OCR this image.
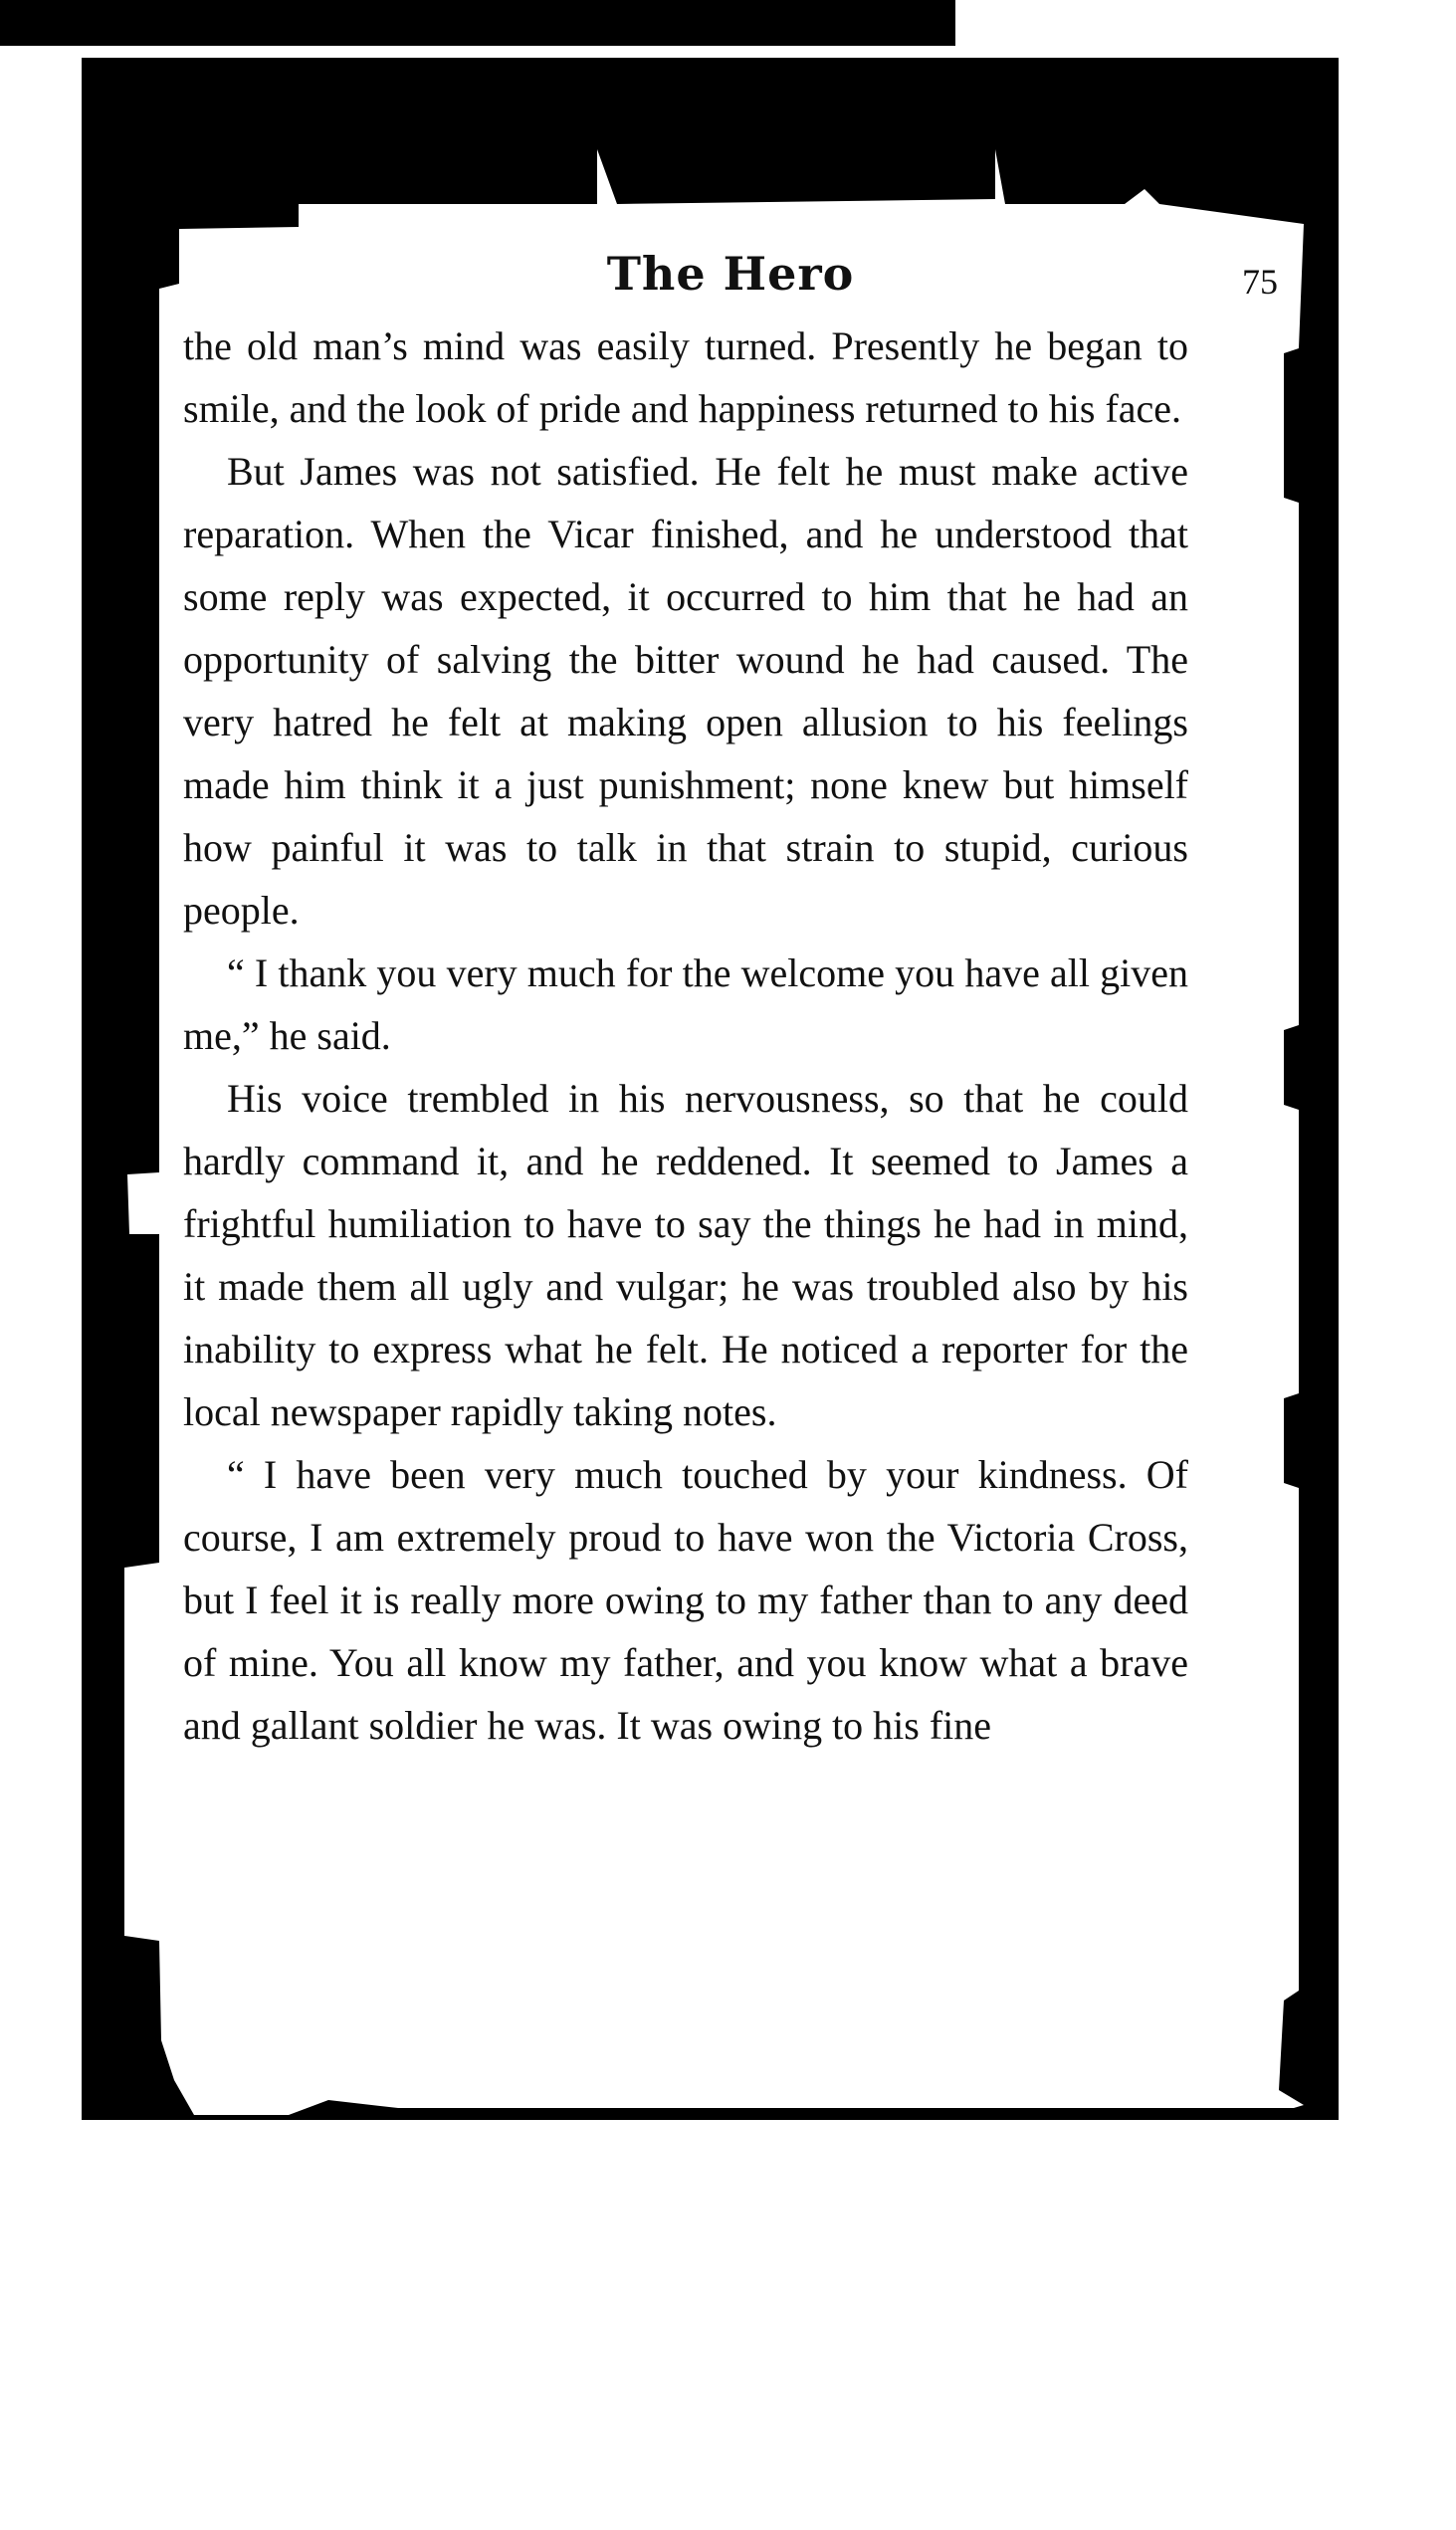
The Hero	75

the old man’s mind was easily turned. Presently he began to smile, and the look of pride and happiness returned to his face.

But James was not satisfied. He felt he must make active reparation. When the Vicar finished, and he understood that some reply was expected, it occurred to him that he had an opportunity of salving the bitter wound he had caused. The very hatred he felt at making open allusion to his feelings made him think it a just punishment; none knew but himself how painful it was to talk in that strain to stupid, curious people.

“ I thank you very much for the welcome you have all given me,” he said.

His voice trembled in his nervousness, so that he could hardly command it, and he reddened. It seemed to James a frightful humiliation to have to say the things he had in mind, it made them all ugly and vulgar; he was troubled also by his inability to express what he felt. He noticed a reporter for the local newspaper rapidly taking notes.

“ I have been very much touched by your kindness. Of course, I am extremely proud to have won the Victoria Cross, but I feel it is really more owing to my father than to any deed of mine. You all know my father, and you know what a brave and gallant soldier he was. It was owing to his fine
